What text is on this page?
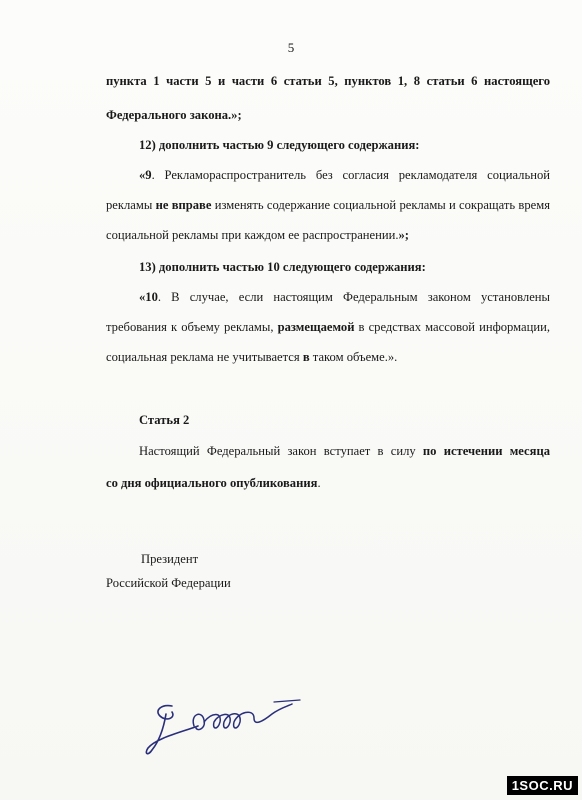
5
пункта 1 части 5 и части 6 статьи 5, пунктов 1, 8 статьи 6 настоящего
Федерального закона.»;
12) дополнить частью 9 следующего содержания:
«9. Рекламораспространитель без согласия рекламодателя социальной
рекламы не вправе изменять содержание социальной рекламы и сокращать время
социальной рекламы при каждом ее распространении.»;
13) дополнить частью 10 следующего содержания:
«10. В случае, если настоящим Федеральным законом установлены
требования к объему рекламы, размещаемой в средствах массовой информации,
социальная реклама не учитывается в таком объеме.».
Статья 2
Настоящий Федеральный закон вступает в силу по истечении месяца
со дня официального опубликования.
Президент
Российской Федерации
1SOC.RU
